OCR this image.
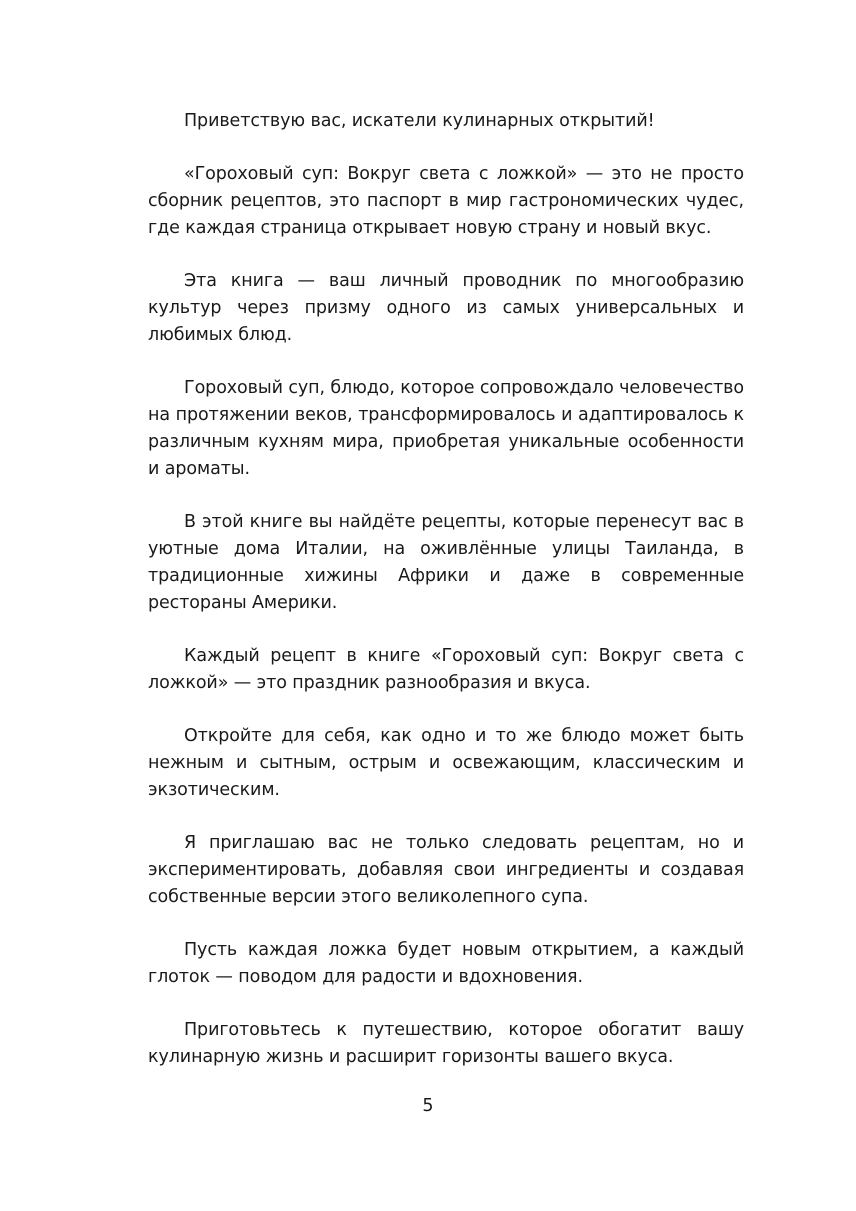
Приветствую вас, искатели кулинарных открытий!

«Гороховый суп: Вокруг света с ложкой» — это не просто сборник рецептов, это паспорт в мир гастрономических чудес, где каждая страница открывает новую страну и новый вкус.

Эта книга — ваш личный проводник по многообразию культур через призму одного из самых универсальных и любимых блюд.

Гороховый суп, блюдо, которое сопровождало человечество на протяжении веков, трансформировалось и адаптировалось к различным кухням мира, приобретая уникальные особенности и ароматы.

В этой книге вы найдёте рецепты, которые перенесут вас в уютные дома Италии, на оживлённые улицы Таиланда, в традиционные хижины Африки и даже в современные рестораны Америки.

Каждый рецепт в книге «Гороховый суп: Вокруг света с ложкой» — это праздник разнообразия и вкуса.

Откройте для себя, как одно и то же блюдо может быть нежным и сытным, острым и освежающим, классическим и экзотическим.

Я приглашаю вас не только следовать рецептам, но и экспериментировать, добавляя свои ингредиенты и создавая собственные версии этого великолепного супа.

Пусть каждая ложка будет новым открытием, а каждый глоток — поводом для радости и вдохновения.

Приготовьтесь к путешествию, которое обогатит вашу кулинарную жизнь и расширит горизонты вашего вкуса.

5
